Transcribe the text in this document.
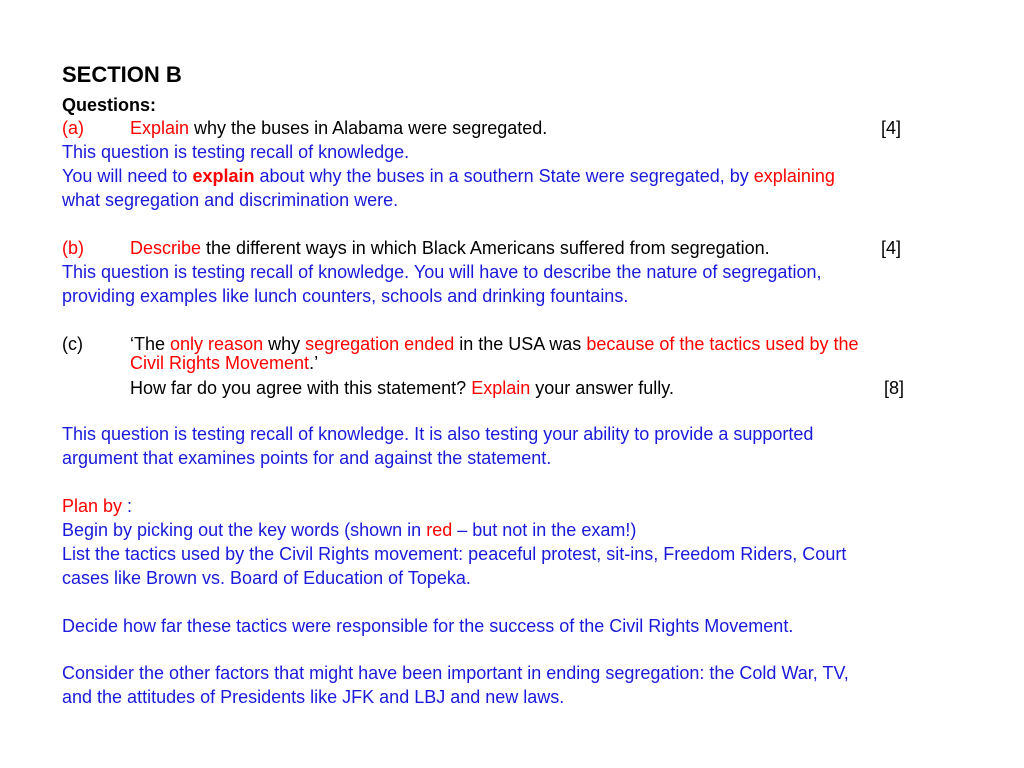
SECTION B
Questions:
(a)	Explain why the buses in Alabama were segregated.	[4]
This question is testing recall of knowledge.
You will need to explain about why the buses in a southern State were segregated, by explaining
what segregation and discrimination were.
(b)	Describe the different ways in which Black Americans suffered from segregation.	[4]
This question is testing recall of knowledge. You will have to describe the nature of segregation,
providing examples like lunch counters, schools and drinking fountains.
(c)	‘The only reason why segregation ended in the USA was because of the tactics used by the
Civil Rights Movement.’
How far do you agree with this statement? Explain your answer fully.	[8]
This question is testing recall of knowledge. It is also testing your ability to provide a supported
argument that examines points for and against the statement.
Plan by :
Begin by picking out the key words (shown in red – but not in the exam!)
List the tactics used by the Civil Rights movement: peaceful protest, sit-ins, Freedom Riders, Court
cases like Brown vs. Board of Education of Topeka.
Decide how far these tactics were responsible for the success of the Civil Rights Movement.
Consider the other factors that might have been important in ending segregation: the Cold War, TV,
and the attitudes of Presidents like JFK and LBJ and new laws.
